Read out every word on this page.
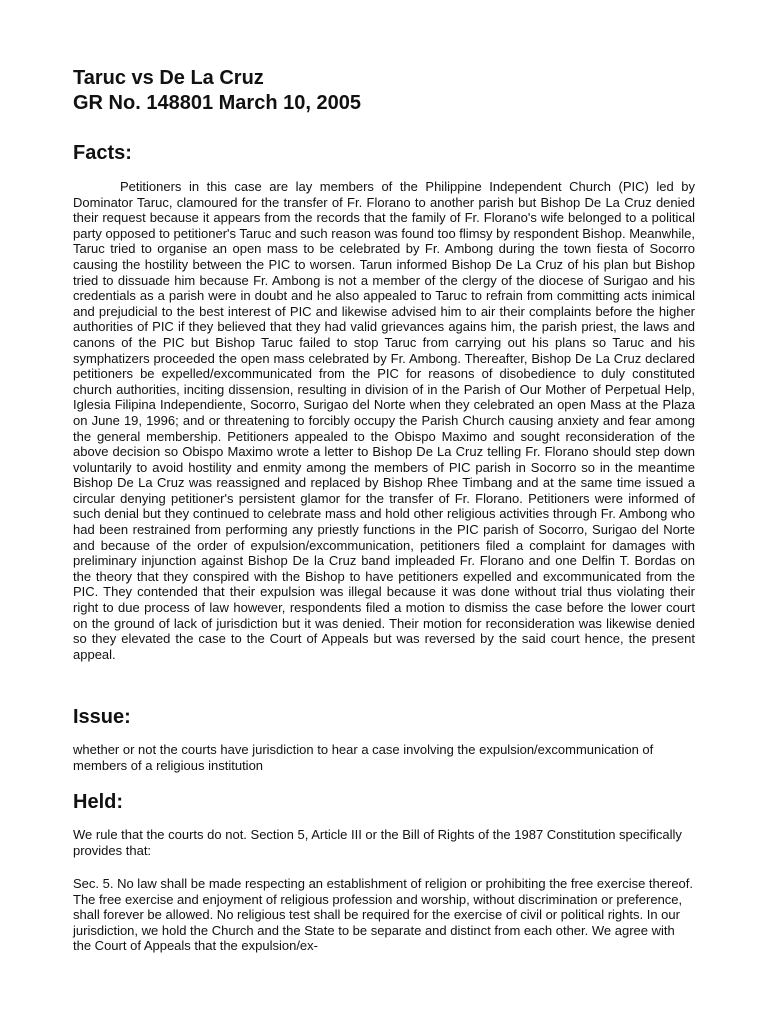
Taruc vs De La Cruz
GR No. 148801 March 10, 2005
Facts:

Petitioners in this case are lay members of the Philippine Independent Church (PIC) led by Dominator Taruc, clamoured for the transfer of Fr. Florano to another parish but Bishop De La Cruz denied their request because it appears from the records that the family of Fr. Florano's wife belonged to a political party opposed to petitioner's Taruc and such reason was found too flimsy by respondent Bishop. Meanwhile, Taruc tried to organise an open mass to be celebrated by Fr. Ambong during the town fiesta of Socorro causing the hostility between the PIC to worsen. Tarun informed Bishop De La Cruz of his plan but Bishop tried to dissuade him because Fr. Ambong is not a member of the clergy of the diocese of Surigao and his credentials as a parish were in doubt and he also appealed to Taruc to refrain from committing acts inimical and prejudicial to the best interest of PIC and likewise advised him to air their complaints before the higher authorities of PIC if they believed that they had valid grievances agains him, the parish priest, the laws and canons of the PIC but Bishop Taruc failed to stop Taruc from carrying out his plans so Taruc and his symphatizers proceeded the open mass celebrated by Fr. Ambong. Thereafter, Bishop De La Cruz declared petitioners be expelled/excommunicated from the PIC for reasons of disobedience to duly constituted church authorities, inciting dissension, resulting in division of in the Parish of Our Mother of Perpetual Help, Iglesia Filipina Independiente, Socorro, Surigao del Norte when they celebrated an open Mass at the Plaza on June 19, 1996; and or threatening to forcibly occupy the Parish Church causing anxiety and fear among the general membership. Petitioners appealed to the Obispo Maximo and sought reconsideration of the above decision so Obispo Maximo wrote a letter to Bishop De La Cruz telling Fr. Florano should step down voluntarily to avoid hostility and enmity among the members of PIC parish in Socorro so in the meantime Bishop De La Cruz was reassigned and replaced by Bishop Rhee Timbang and at the same time issued a circular denying petitioner's persistent glamor for the transfer of Fr. Florano. Petitioners were informed of such denial but they continued to celebrate mass and hold other religious activities through Fr. Ambong who had been restrained from performing any priestly functions in the PIC parish of Socorro, Surigao del Norte and because of the order of expulsion/excommunication, petitioners filed a complaint for damages with preliminary injunction against Bishop De la Cruz band impleaded Fr. Florano and one Delfin T. Bordas on the theory that they conspired with the Bishop to have petitioners expelled and excommunicated from the PIC. They contended that their expulsion was illegal because it was done without trial thus violating their right to due process of law however, respondents filed a motion to dismiss the case before the lower court on the ground of lack of jurisdiction but it was denied. Their motion for reconsideration was likewise denied so they elevated the case to the Court of Appeals but was reversed by the said court hence, the present appeal.

Issue:

whether or not the courts have jurisdiction to hear a case involving the expulsion/excommunication of members of a religious institution

Held:

We rule that the courts do not. Section 5, Article III or the Bill of Rights of the 1987 Constitution specifically provides that:

Sec. 5. No law shall be made respecting an establishment of religion or prohibiting the free exercise thereof. The free exercise and enjoyment of religious profession and worship, without discrimination or preference, shall forever be allowed. No religious test shall be required for the exercise of civil or political rights. In our jurisdiction, we hold the Church and the State to be separate and distinct from each other. We agree with the Court of Appeals that the expulsion/ex-
